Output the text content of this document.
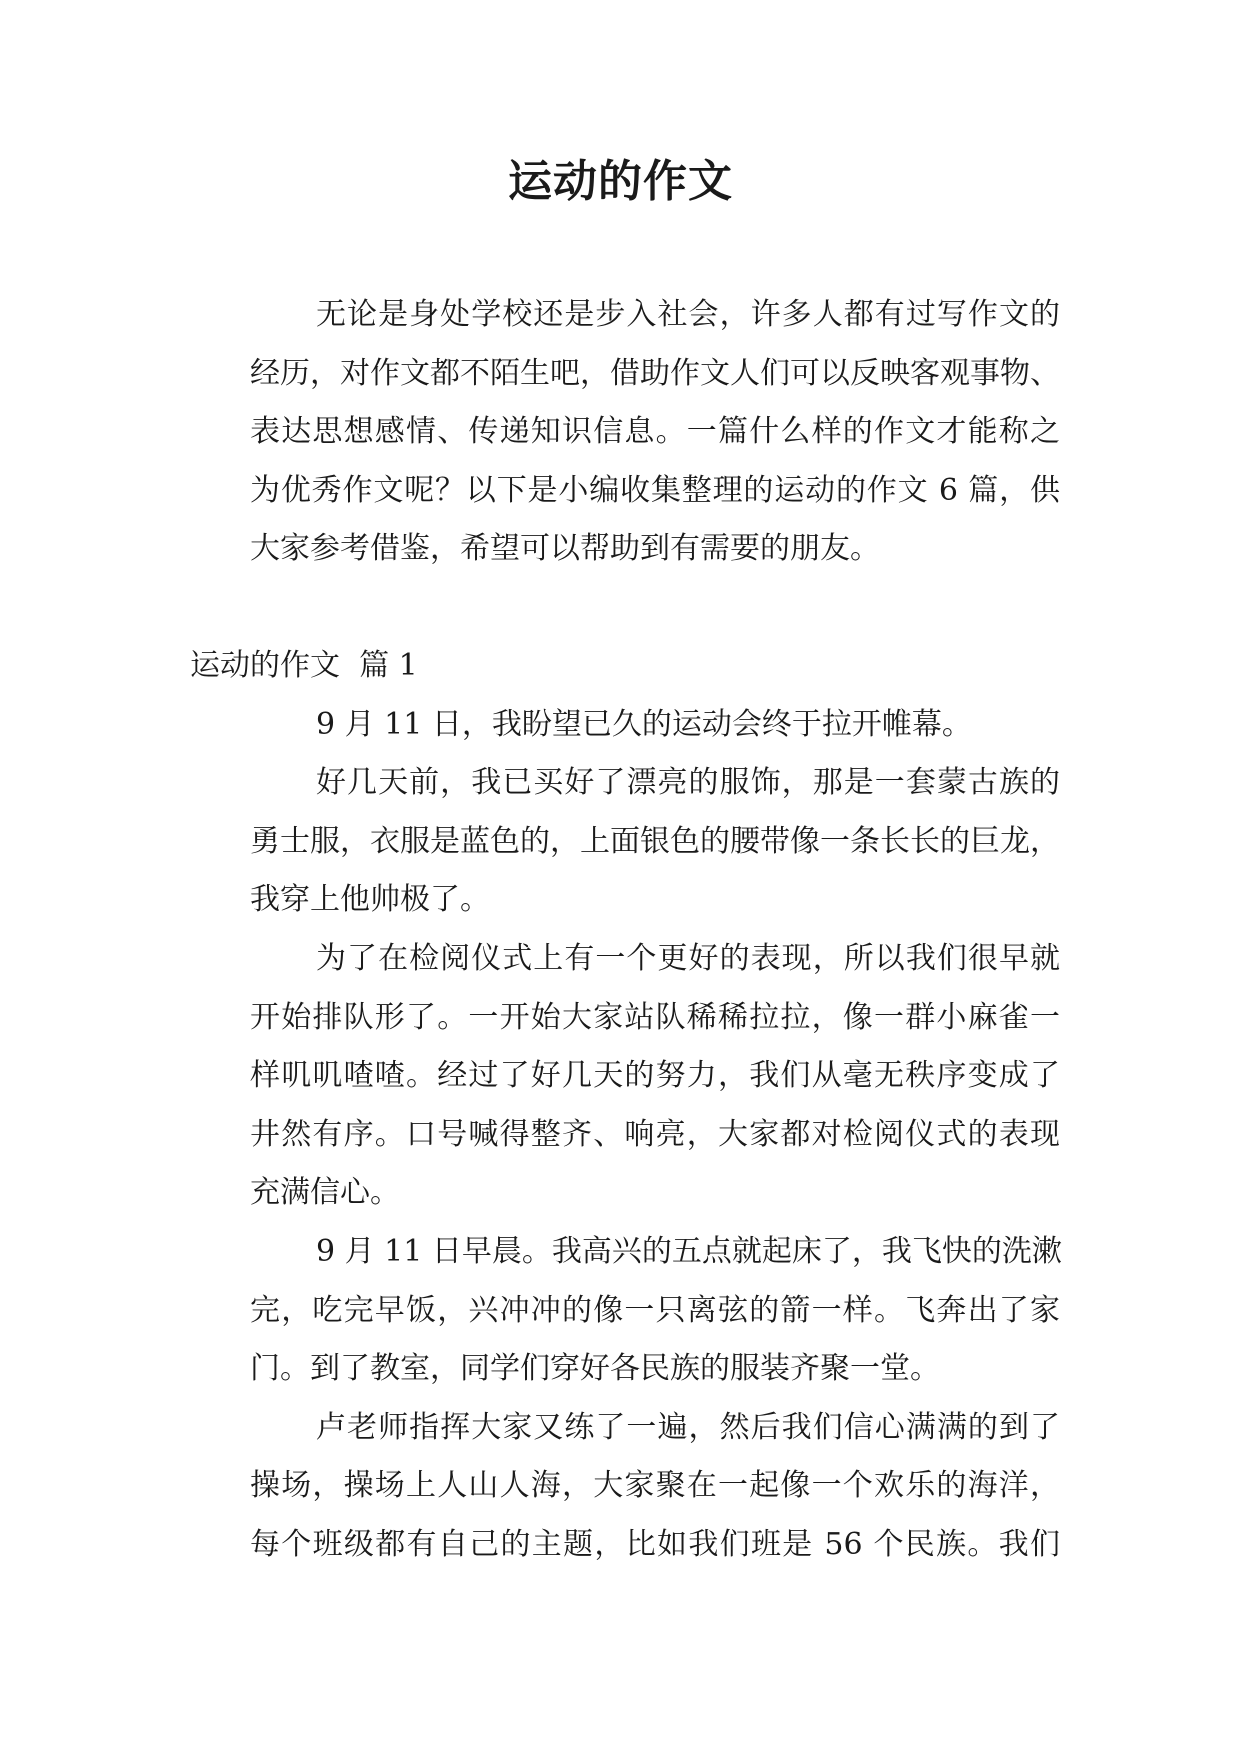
运动的作文
无论是身处学校还是步入社会，许多人都有过写作文的
经历，对作文都不陌生吧，借助作文人们可以反映客观事物、
表达思想感情、传递知识信息。一篇什么样的作文才能称之
为优秀作文呢？以下是小编收集整理的运动的作文 6 篇，供
大家参考借鉴，希望可以帮助到有需要的朋友。
运动的作文  篇 1
9 月 11 日，我盼望已久的运动会终于拉开帷幕。
好几天前，我已买好了漂亮的服饰，那是一套蒙古族的
勇士服，衣服是蓝色的，上面银色的腰带像一条长长的巨龙，
我穿上他帅极了。
为了在检阅仪式上有一个更好的表现，所以我们很早就
开始排队形了。一开始大家站队稀稀拉拉，像一群小麻雀一
样叽叽喳喳。经过了好几天的努力，我们从毫无秩序变成了
井然有序。口号喊得整齐、响亮，大家都对检阅仪式的表现
充满信心。
9 月 11 日早晨。我高兴的五点就起床了，我飞快的洗漱
完，吃完早饭，兴冲冲的像一只离弦的箭一样。飞奔出了家
门。到了教室，同学们穿好各民族的服装齐聚一堂。
卢老师指挥大家又练了一遍，然后我们信心满满的到了
操场，操场上人山人海，大家聚在一起像一个欢乐的海洋，
每个班级都有自己的主题，比如我们班是 56 个民族。我们
